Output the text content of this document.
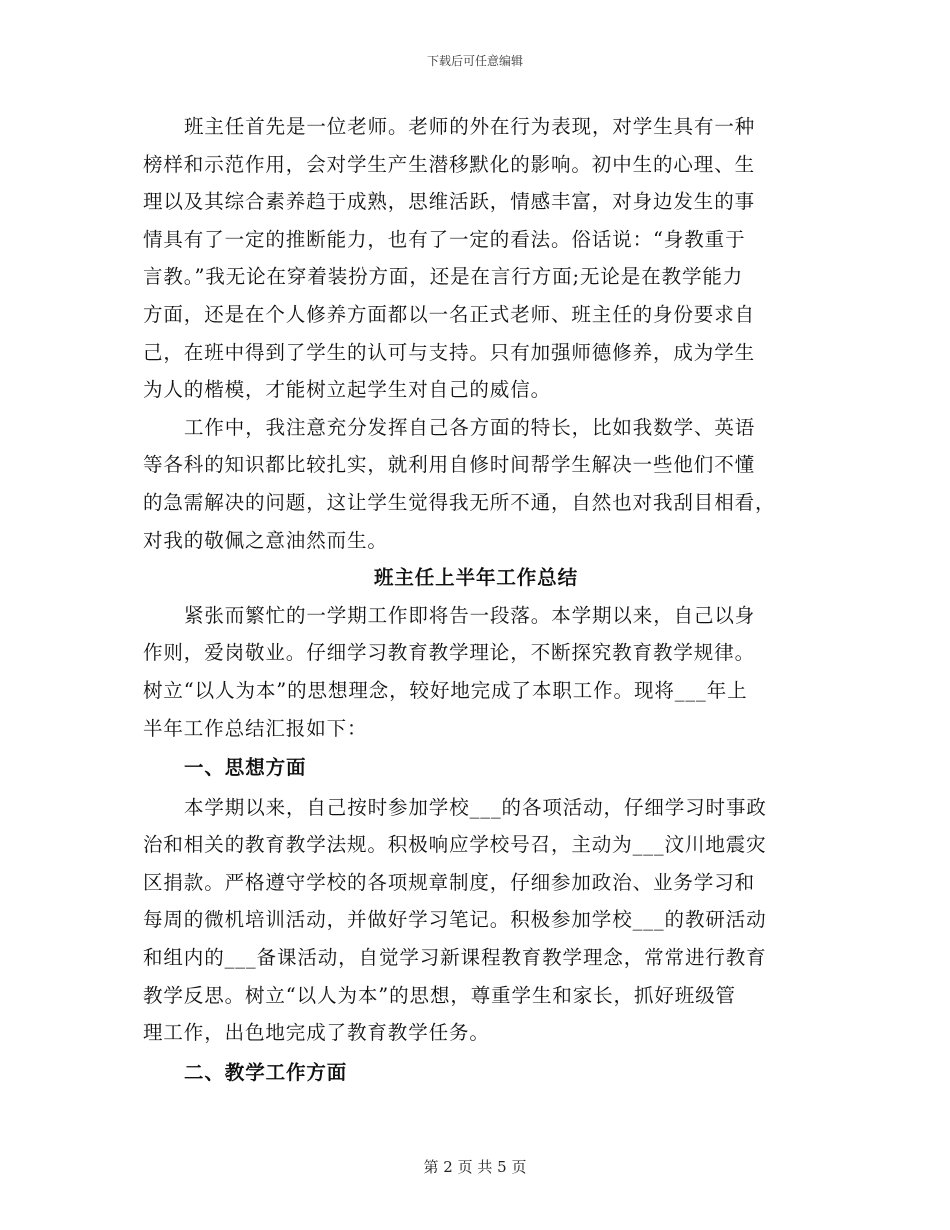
下载后可任意编辑
班主任首先是一位老师。老师的外在行为表现，对学生具有一种
榜样和示范作用，会对学生产生潜移默化的影响。初中生的心理、生
理以及其综合素养趋于成熟，思维活跃，情感丰富，对身边发生的事
情具有了一定的推断能力，也有了一定的看法。俗话说：“身教重于
言教。”我无论在穿着装扮方面，还是在言行方面;无论是在教学能力
方面，还是在个人修养方面都以一名正式老师、班主任的身份要求自
己，在班中得到了学生的认可与支持。只有加强师德修养，成为学生
为人的楷模，才能树立起学生对自己的威信。
工作中，我注意充分发挥自己各方面的特长，比如我数学、英语
等各科的知识都比较扎实，就利用自修时间帮学生解决一些他们不懂
的急需解决的问题，这让学生觉得我无所不通，自然也对我刮目相看，
对我的敬佩之意油然而生。
班主任上半年工作总结
紧张而繁忙的一学期工作即将告一段落。本学期以来，自己以身
作则，爱岗敬业。仔细学习教育教学理论，不断探究教育教学规律。
树立“以人为本”的思想理念，较好地完成了本职工作。现将___年上
半年工作总结汇报如下：
一、思想方面
本学期以来，自己按时参加学校___的各项活动，仔细学习时事政
治和相关的教育教学法规。积极响应学校号召，主动为___汶川地震灾
区捐款。严格遵守学校的各项规章制度，仔细参加政治、业务学习和
每周的微机培训活动，并做好学习笔记。积极参加学校___的教研活动
和组内的___备课活动，自觉学习新课程教育教学理念，常常进行教育
教学反思。树立“以人为本”的思想，尊重学生和家长，抓好班级管
理工作，出色地完成了教育教学任务。
二、教学工作方面
第 2 页 共 5 页
